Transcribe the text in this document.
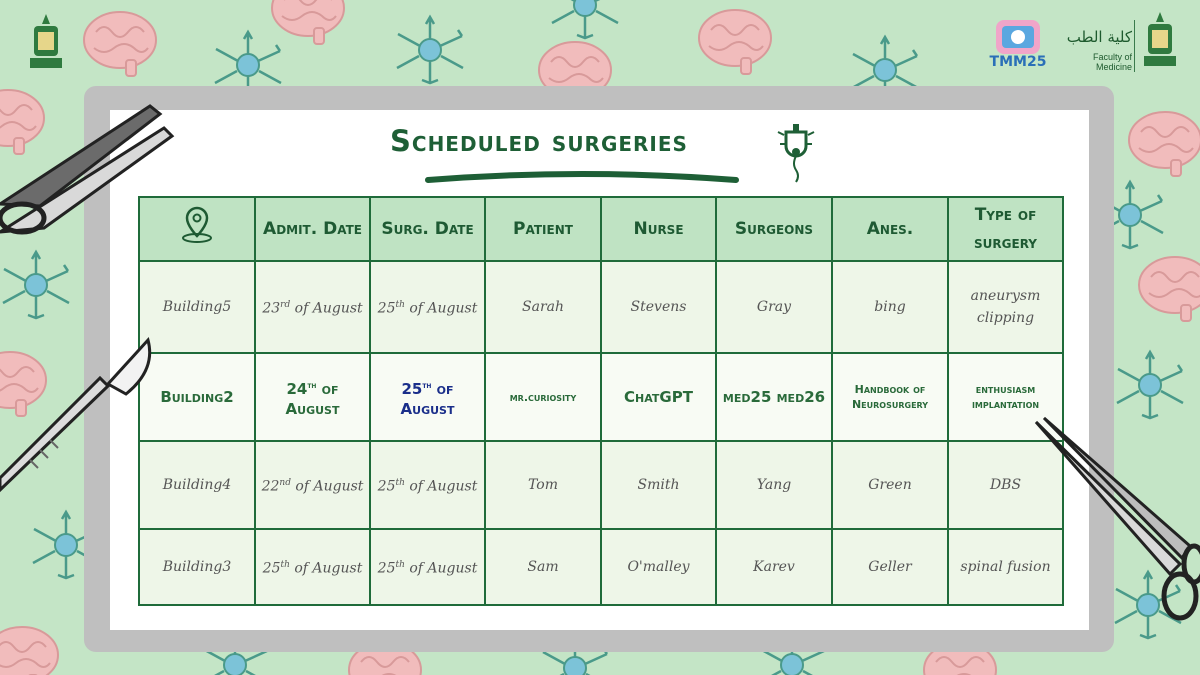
TMM25
كلية الطب
Faculty of Medicine
Scheduled surgeries
	Admit. Date	Surg. Date	Patient	Nurse	Surgeons	Anes.	Type of surgery
Building5	23rd of August	25th of August	Sarah	Stevens	Gray	bing	aneurysm clipping
Building2	24th of August	25th of August	mr.curiosity	ChatGPT	med25 med26	Handbook of Neurosurgery	enthusiasm implantation
Building4	22nd of August	25th of August	Tom	Smith	Yang	Green	DBS
Building3	25th of August	25th of August	Sam	O'malley	Karev	Geller	spinal fusion
